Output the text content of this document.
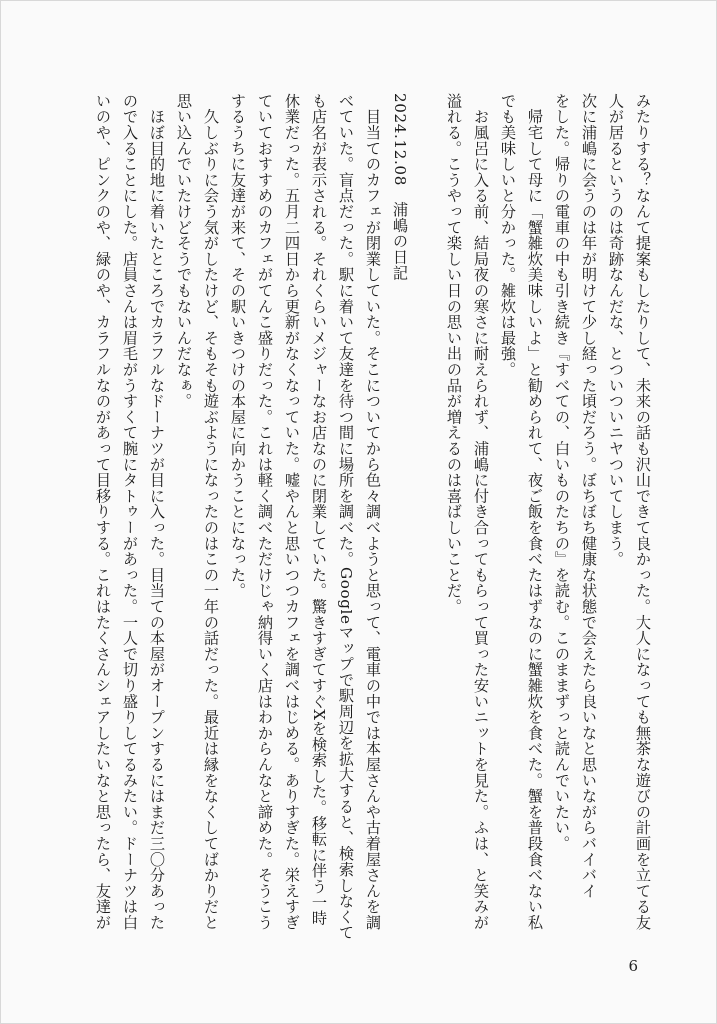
みたりする？なんて提案もしたりして、未来の話も沢山できて良かった。大人になっても無茶な遊びの計画を立てる友
人が居るというのは奇跡なんだな、とついついニヤついてしまう。
次に浦嶋に会うのは年が明けて少し経った頃だろう。ぼちぼち健康な状態で会えたら良いなと思いながらバイバイ
をした。帰りの電車の中も引き続き『すべての、白いものたちの』を読む。このままずっと読んでいたい。
　帰宅して母に「蟹雑炊美味しいよ」と勧められて、夜ご飯を食べたはずなのに蟹雑炊を食べた。蟹を普段食べない私
でも美味しいと分かった。雑炊は最強。
　お風呂に入る前、結局夜の寒さに耐えられず、浦嶋に付き合ってもらって買った安いニットを見た。ふは、と笑みが
溢れる。こうやって楽しい日の思い出の品が増えるのは喜ばしいことだ。
2024.12.08　浦嶋の日記
　目当てのカフェが閉業していた。そこについてから色々調べようと思って、電車の中では本屋さんや古着屋さんを調
べていた。盲点だった。駅に着いて友達を待つ間に場所を調べた。Googleマップで駅周辺を拡大すると、検索しなくて
も店名が表示される。それくらいメジャーなお店なのに閉業していた。驚きすぎてすぐXを検索した。移転に伴う一時
休業だった。五月二四日から更新がなくなっていた。嘘やんと思いつつカフェを調べはじめる。ありすぎた。栄えすぎ
ていておすすめのカフェがてんこ盛りだった。これは軽く調べただけじゃ納得いく店はわからんなと諦めた。そうこう
するうちに友達が来て、その駅いきつけの本屋に向かうことになった。
　久しぶりに会う気がしたけど、そもそも遊ぶようになったのはこの一年の話だった。最近は縁をなくしてばかりだと
思い込んでいたけどそうでもないんだなぁ。
　ほぼ目的地に着いたところでカラフルなドーナツが目に入った。目当ての本屋がオープンするにはまだ三〇分あった
ので入ることにした。店員さんは眉毛がうすくて腕にタトゥーがあった。一人で切り盛りしてるみたい。ドーナツは白
いのや、ピンクのや、緑のや、カラフルなのがあって目移りする。これはたくさんシェアしたいなと思ったら、友達が
6
